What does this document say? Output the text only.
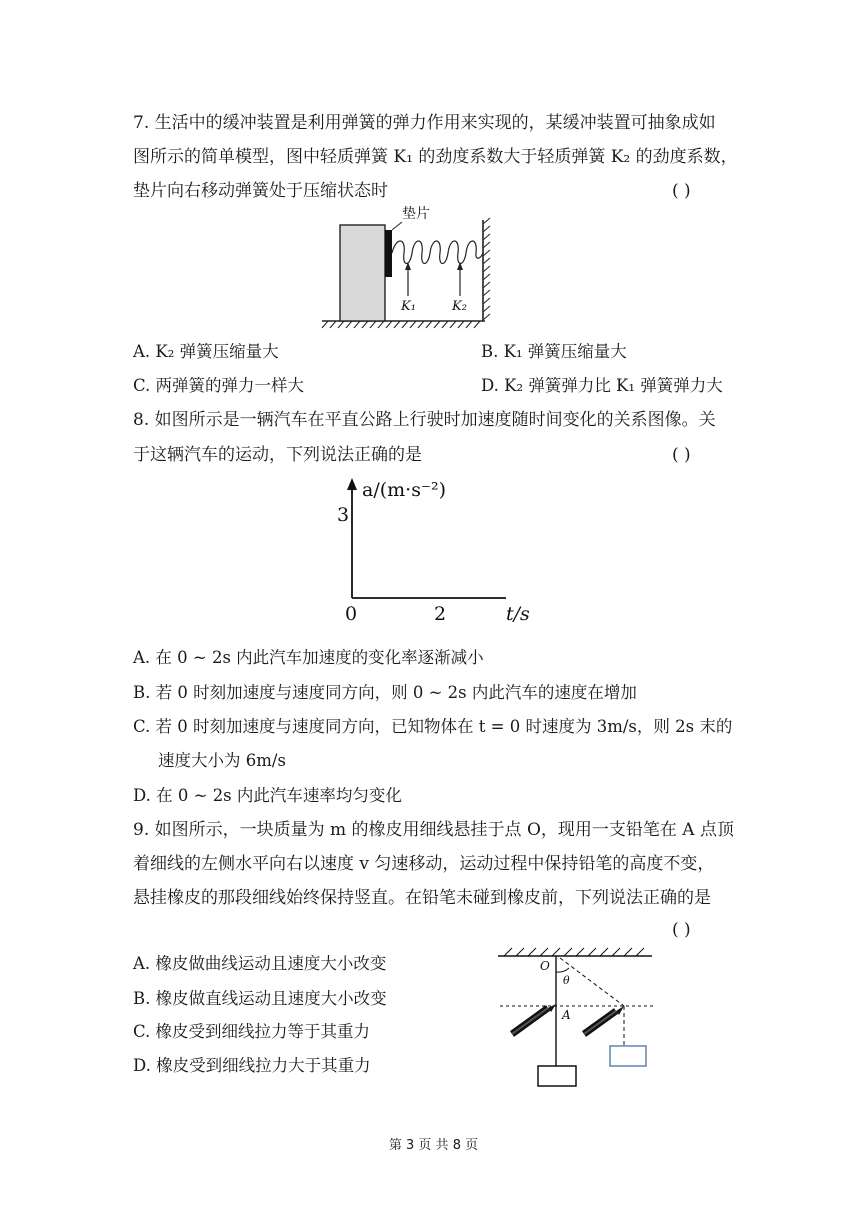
7. 生活中的缓冲装置是利用弹簧的弹力作用来实现的，某缓冲装置可抽象成如
图所示的简单模型，图中轻质弹簧 K₁ 的劲度系数大于轻质弹簧 K₂ 的劲度系数，
垫片向右移动弹簧处于压缩状态时	( )
垫片
K₁	K₂
A. K₂ 弹簧压缩量大	B. K₁ 弹簧压缩量大
C. 两弹簧的弹力一样大	D. K₂ 弹簧弹力比 K₁ 弹簧弹力大
8. 如图所示是一辆汽车在平直公路上行驶时加速度随时间变化的关系图像。关
于这辆汽车的运动，下列说法正确的是	( )
a/(m·s⁻²)
3
0	2	t/s
A. 在 0 ~ 2s 内此汽车加速度的变化率逐渐减小
B. 若 0 时刻加速度与速度同方向，则 0 ~ 2s 内此汽车的速度在增加
C. 若 0 时刻加速度与速度同方向，已知物体在 t = 0 时速度为 3m/s，则 2s 末的
速度大小为 6m/s
D. 在 0 ~ 2s 内此汽车速率均匀变化
9. 如图所示，一块质量为 m 的橡皮用细线悬挂于点 O，现用一支铅笔在 A 点顶
着细线的左侧水平向右以速度 v 匀速移动，运动过程中保持铅笔的高度不变，
悬挂橡皮的那段细线始终保持竖直。在铅笔未碰到橡皮前，下列说法正确的是
( )
A. 橡皮做曲线运动且速度大小改变
B. 橡皮做直线运动且速度大小改变
C. 橡皮受到细线拉力等于其重力
D. 橡皮受到细线拉力大于其重力
O
θ
A
第 3 页 共 8 页
